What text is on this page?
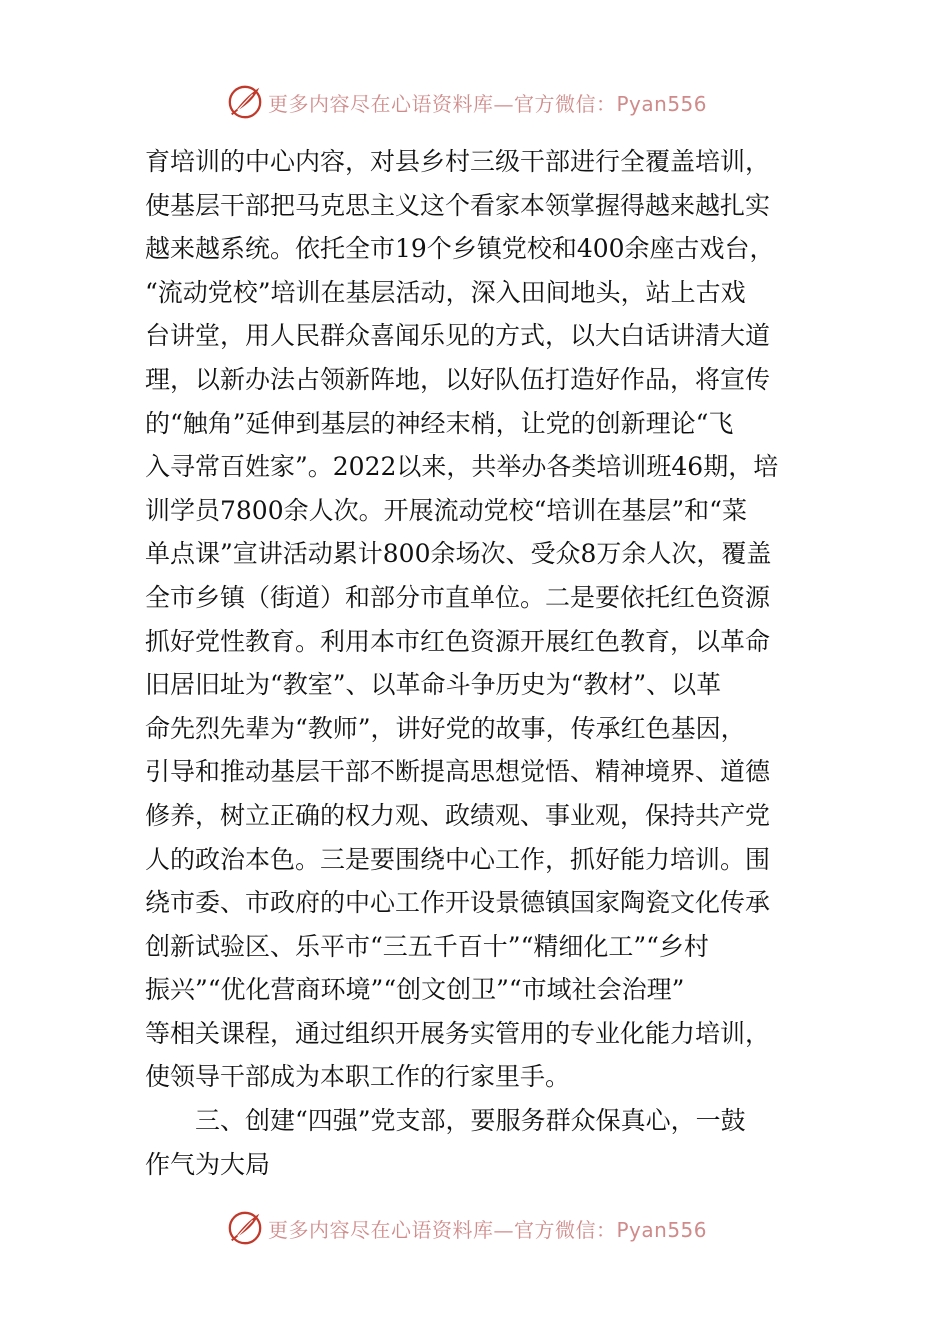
更多内容尽在心语资料库—官方微信：Pyan556
育培训的中心内容，对县乡村三级干部进行全覆盖培训，
使基层干部把马克思主义这个看家本领掌握得越来越扎实
越来越系统。依托全市19个乡镇党校和400余座古戏台，
“流动党校”培训在基层活动，深入田间地头，站上古戏
台讲堂，用人民群众喜闻乐见的方式，以大白话讲清大道
理，以新办法占领新阵地，以好队伍打造好作品，将宣传
的“触角”延伸到基层的神经末梢，让党的创新理论“飞
入寻常百姓家”。2022以来，共举办各类培训班46期，培
训学员7800余人次。开展流动党校“培训在基层”和“菜
单点课”宣讲活动累计800余场次、受众8万余人次，覆盖
全市乡镇（街道）和部分市直单位。二是要依托红色资源
抓好党性教育。利用本市红色资源开展红色教育，以革命
旧居旧址为“教室”、以革命斗争历史为“教材”、以革
命先烈先辈为“教师”，讲好党的故事，传承红色基因，
引导和推动基层干部不断提高思想觉悟、精神境界、道德
修养，树立正确的权力观、政绩观、事业观，保持共产党
人的政治本色。三是要围绕中心工作，抓好能力培训。围
绕市委、市政府的中心工作开设景德镇国家陶瓷文化传承
创新试验区、乐平市“三五千百十”“精细化工”“乡村
振兴”“优化营商环境”“创文创卫”“市域社会治理”
等相关课程，通过组织开展务实管用的专业化能力培训，
使领导干部成为本职工作的行家里手。
三、创建“四强”党支部，要服务群众保真心，一鼓
作气为大局
更多内容尽在心语资料库—官方微信：Pyan556
